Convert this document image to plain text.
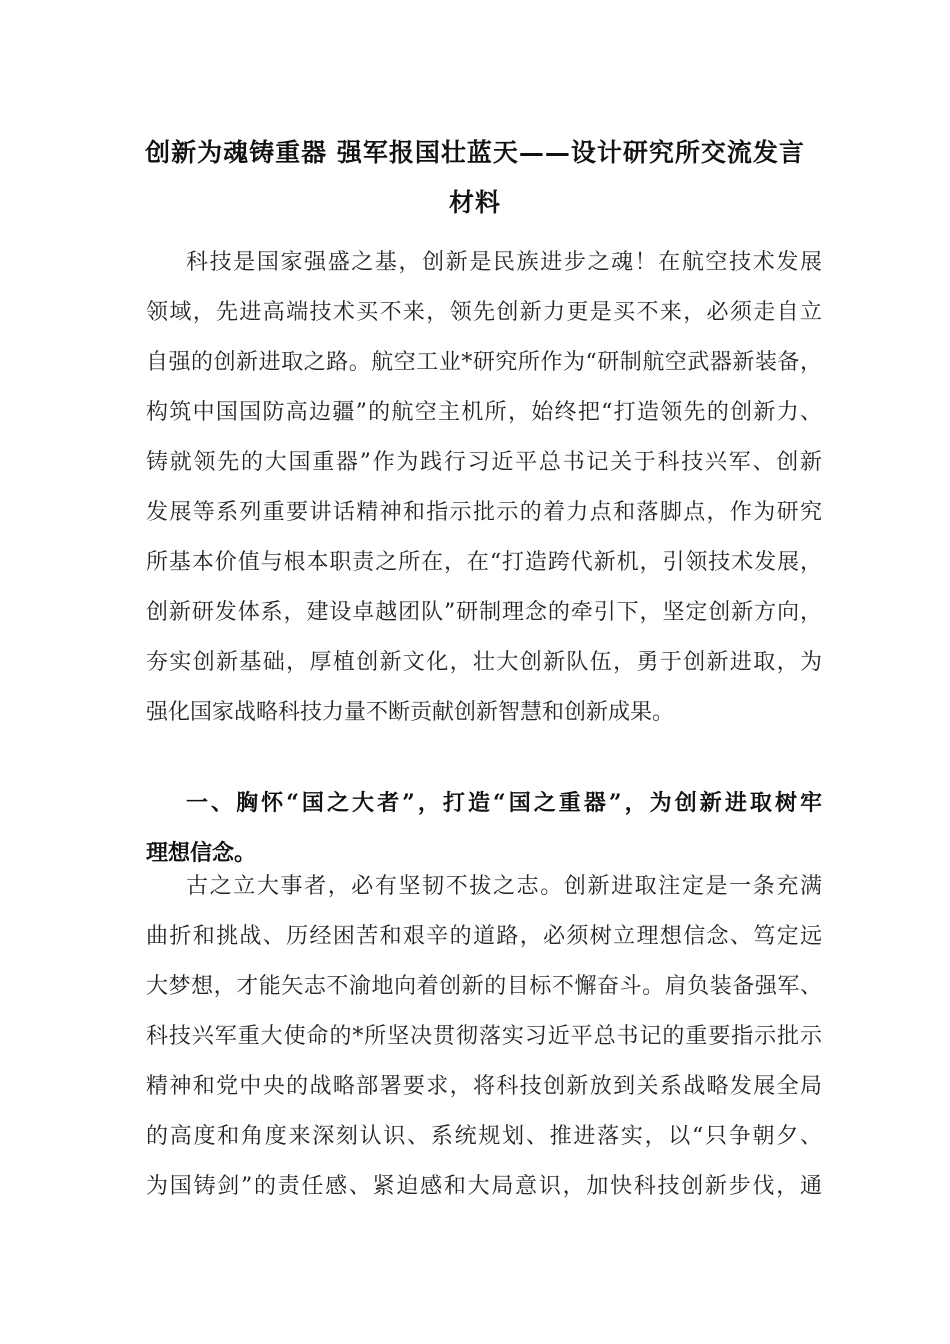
创新为魂铸重器 强军报国壮蓝天——设计研究所交流发言
材料
科技是国家强盛之基，创新是民族进步之魂！在航空技术发展
领域，先进高端技术买不来，领先创新力更是买不来，必须走自立
自强的创新进取之路。航空工业*研究所作为“研制航空武器新装备，
构筑中国国防高边疆”的航空主机所，始终把“打造领先的创新力、
铸就领先的大国重器”作为践行习近平总书记关于科技兴军、创新
发展等系列重要讲话精神和指示批示的着力点和落脚点，作为研究
所基本价值与根本职责之所在，在“打造跨代新机，引领技术发展，
创新研发体系，建设卓越团队”研制理念的牵引下，坚定创新方向，
夯实创新基础，厚植创新文化，壮大创新队伍，勇于创新进取，为
强化国家战略科技力量不断贡献创新智慧和创新成果。
一、胸怀“国之大者”，打造“国之重器”，为创新进取树牢
理想信念。
古之立大事者，必有坚韧不拔之志。创新进取注定是一条充满
曲折和挑战、历经困苦和艰辛的道路，必须树立理想信念、笃定远
大梦想，才能矢志不渝地向着创新的目标不懈奋斗。肩负装备强军、
科技兴军重大使命的*所坚决贯彻落实习近平总书记的重要指示批示
精神和党中央的战略部署要求，将科技创新放到关系战略发展全局
的高度和角度来深刻认识、系统规划、推进落实，以“只争朝夕、
为国铸剑”的责任感、紧迫感和大局意识，加快科技创新步伐，通
